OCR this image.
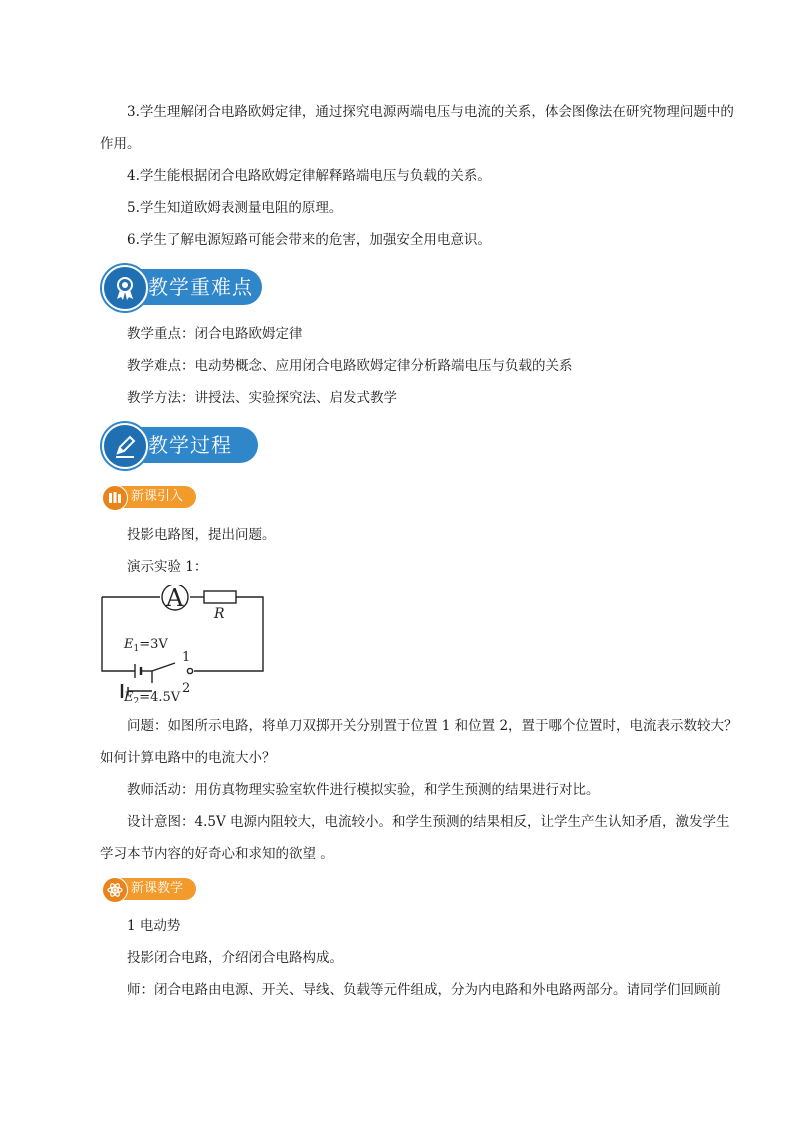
3.学生理解闭合电路欧姆定律，通过探究电源两端电压与电流的关系，体会图像法在研究物理问题中的
作用。
4.学生能根据闭合电路欧姆定律解释路端电压与负载的关系。
5.学生知道欧姆表测量电阻的原理。
6.学生了解电源短路可能会带来的危害，加强安全用电意识。
教学重难点
教学重点：闭合电路欧姆定律
教学难点：电动势概念、应用闭合电路欧姆定律分析路端电压与负载的关系
教学方法：讲授法、实验探究法、启发式教学
教学过程
新课引入
投影电路图，提出问题。
演示实验 1：
A
R
$E_1=3V$
1
2
$E_2=4.5V$
问题：如图所示电路，将单刀双掷开关分别置于位置 1 和位置 2，置于哪个位置时，电流表示数较大？
如何计算电路中的电流大小？
教师活动：用仿真物理实验室软件进行模拟实验，和学生预测的结果进行对比。
设计意图：4.5V 电源内阻较大，电流较小。和学生预测的结果相反，让学生产生认知矛盾，激发学生
学习本节内容的好奇心和求知的欲望 。
新课教学
1 电动势
投影闭合电路，介绍闭合电路构成。
师：闭合电路由电源、开关、导线、负载等元件组成，分为内电路和外电路两部分。请同学们回顾前
